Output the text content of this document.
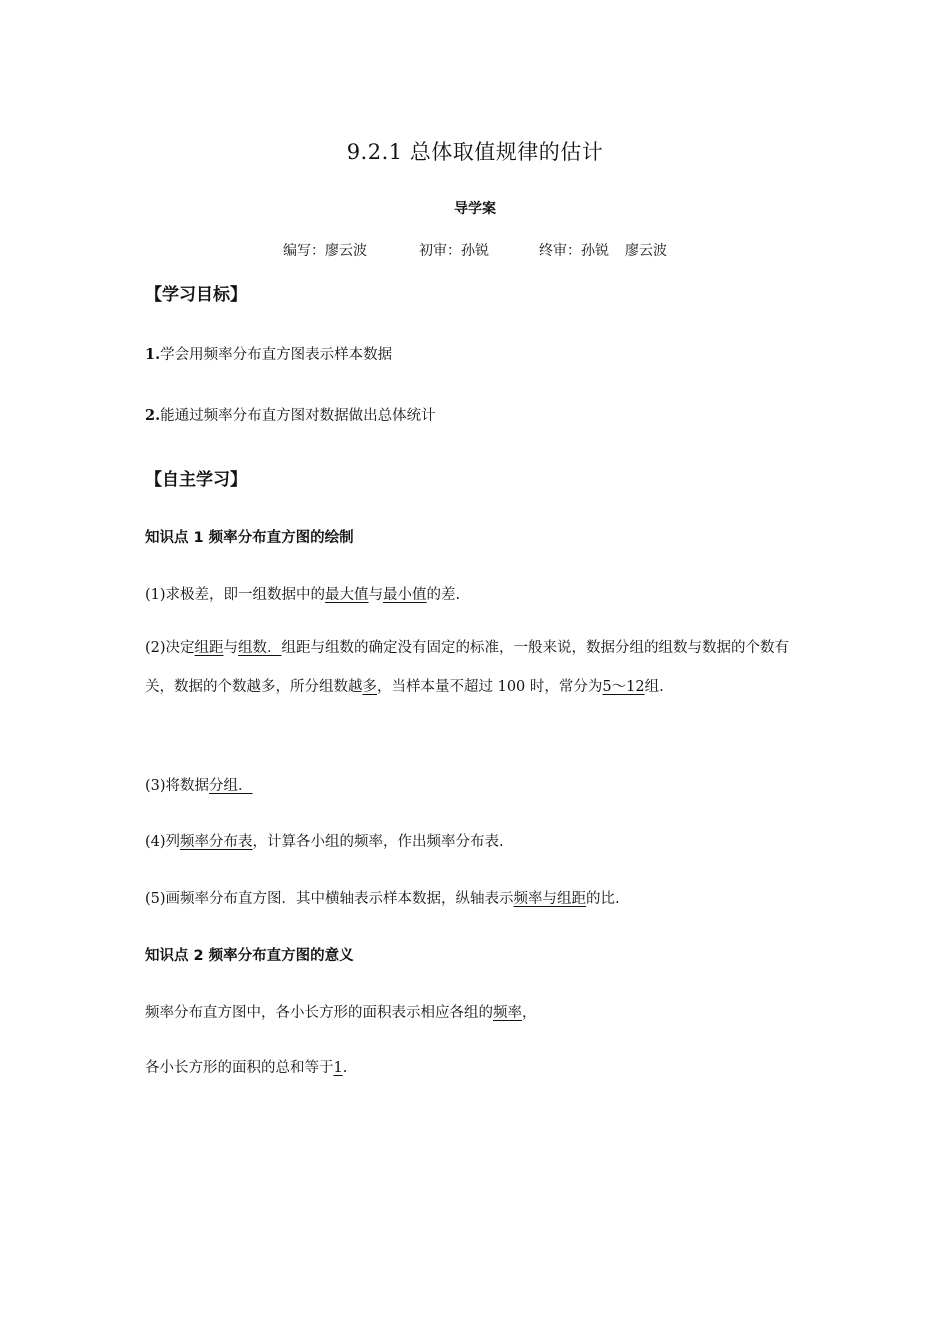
9.2.1 总体取值规律的估计
导学案
编写：廖云波	初审：孙锐	终审：孙锐 廖云波
【学习目标】
1.学会用频率分布直方图表示样本数据
2.能通过频率分布直方图对数据做出总体统计
【自主学习】
知识点 1 频率分布直方图的绘制
(1)求极差，即一组数据中的最大值与最小值的差.
(2)决定组距与组数．组距与组数的确定没有固定的标准，一般来说，数据分组的组数与数据的个数有关，数据的个数越多，所分组数越多，当样本量不超过 100 时，常分为5～12组.
(3)将数据分组．
(4)列频率分布表，计算各小组的频率，作出频率分布表.
(5)画频率分布直方图．其中横轴表示样本数据，纵轴表示频率与组距的比.
知识点 2 频率分布直方图的意义
频率分布直方图中，各小长方形的面积表示相应各组的频率，
各小长方形的面积的总和等于1.
